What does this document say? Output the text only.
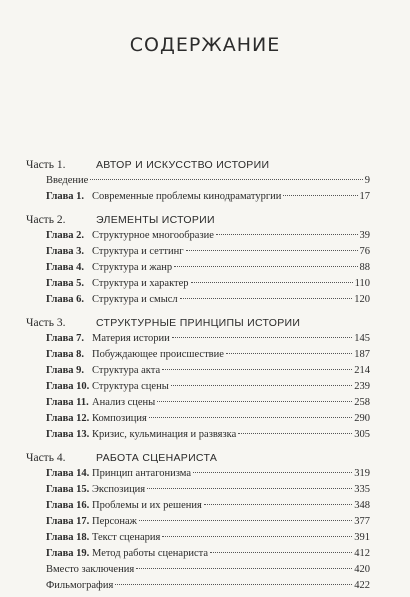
СОДЕРЖАНИЕ
Часть 1.	АВТОР И ИСКУССТВО ИСТОРИИ
Введение	9
Глава 1. Современные проблемы кинодраматургии	17
Часть 2.	ЭЛЕМЕНТЫ ИСТОРИИ
Глава 2. Структурное многообразие	39
Глава 3. Структура и сеттинг	76
Глава 4. Структура и жанр	88
Глава 5. Структура и характер	110
Глава 6. Структура и смысл	120
Часть 3.	СТРУКТУРНЫЕ ПРИНЦИПЫ ИСТОРИИ
Глава 7. Материя истории	145
Глава 8. Побуждающее происшествие	187
Глава 9. Структура акта	214
Глава 10. Структура сцены	239
Глава 11. Анализ сцены	258
Глава 12. Композиция	290
Глава 13. Кризис, кульминация и развязка	305
Часть 4.	РАБОТА СЦЕНАРИСТА
Глава 14. Принцип антагонизма	319
Глава 15. Экспозиция	335
Глава 16. Проблемы и их решения	348
Глава 17. Персонаж	377
Глава 18. Текст сценария	391
Глава 19. Метод работы сценариста	412
Вместо заключения	420
Фильмография	422
